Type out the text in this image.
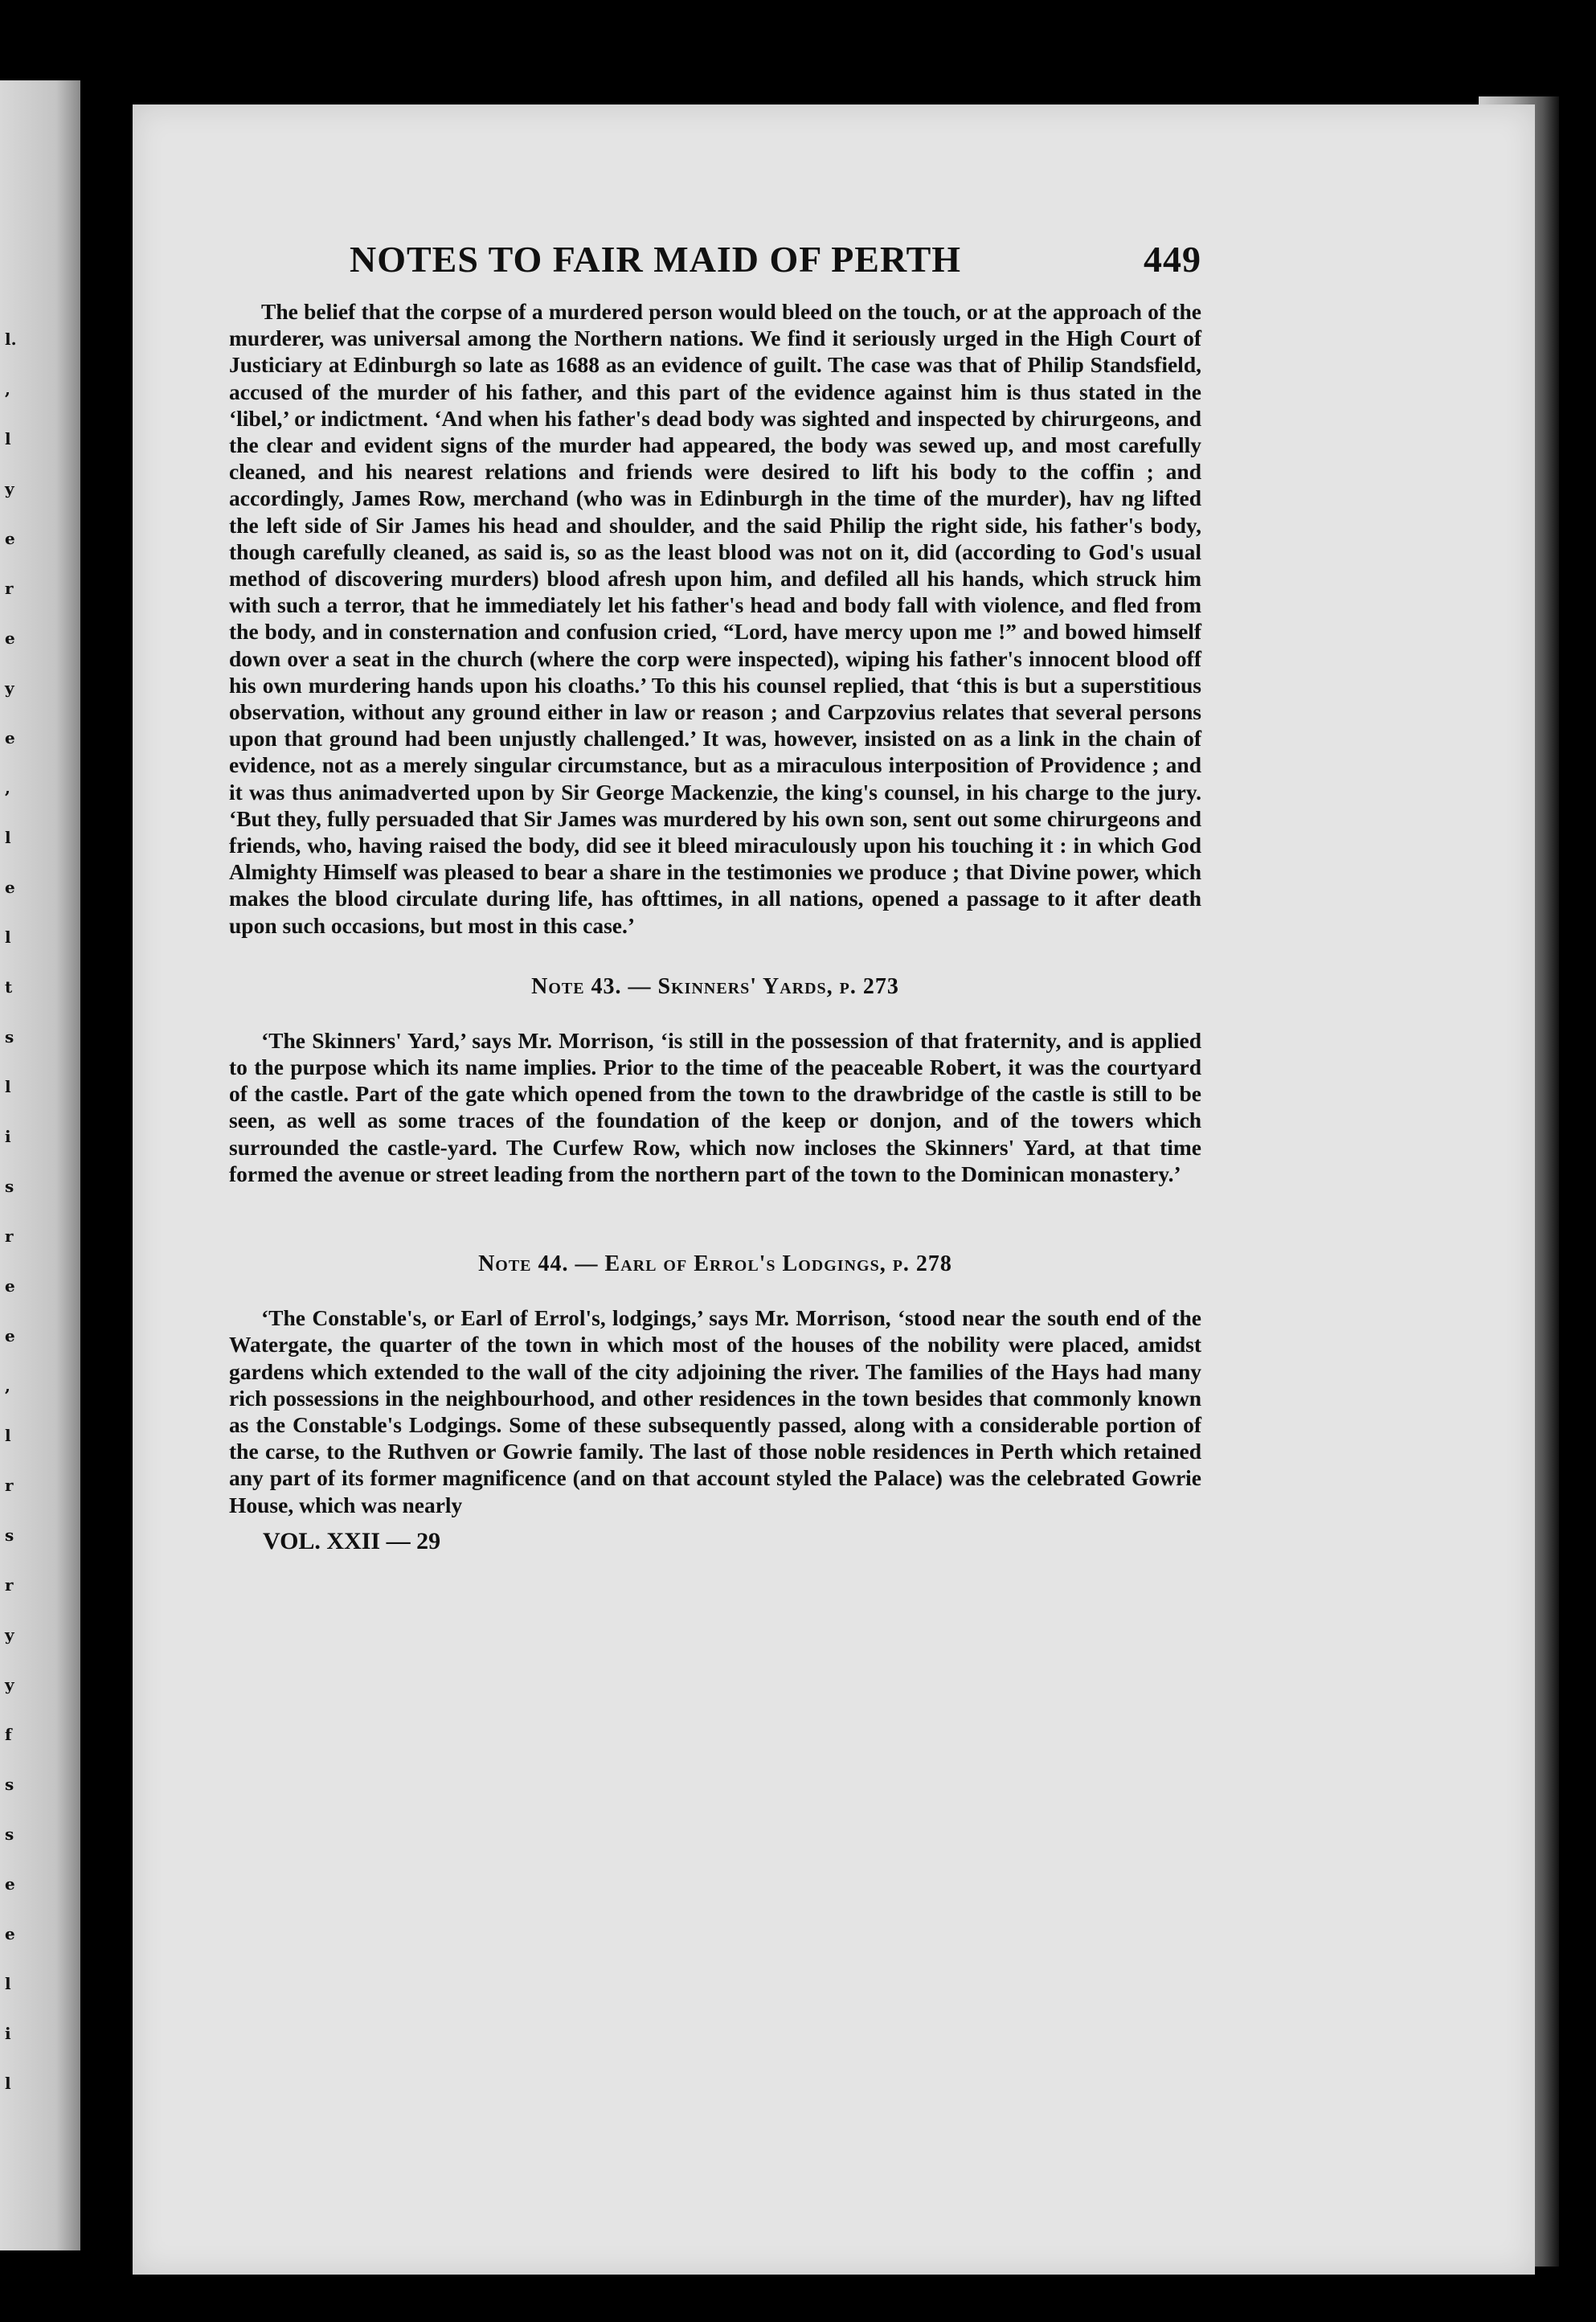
l.
,
l
y
e
r
e
y
e
,
l
e
l
t
s
l
i
s
r
e
e
,
l
r
s
r
y
y
f
s
s
e
e
l
i
l
NOTES TO FAIR MAID OF PERTH	449

The belief that the corpse of a murdered person would bleed on the touch, or at the approach of the murderer, was universal among the Northern nations. We find it seriously urged in the High Court of Justiciary at Edinburgh so late as 1688 as an evidence of guilt. The case was that of Philip Standsfield, accused of the murder of his father, and this part of the evidence against him is thus stated in the ‘libel,’ or indictment. ‘And when his father's dead body was sighted and inspected by chirurgeons, and the clear and evident signs of the murder had appeared, the body was sewed up, and most carefully cleaned, and his nearest relations and friends were desired to lift his body to the coffin ; and accordingly, James Row, merchand (who was in Edinburgh in the time of the murder), hav ng lifted the left side of Sir James his head and shoulder, and the said Philip the right side, his father's body, though carefully cleaned, as said is, so as the least blood was not on it, did (according to God's usual method of discovering murders) blood afresh upon him, and defiled all his hands, which struck him with such a terror, that he immediately let his father's head and body fall with violence, and fled from the body, and in consternation and confusion cried, “Lord, have mercy upon me !” and bowed himself down over a seat in the church (where the corp were inspected), wiping his father's innocent blood off his own murdering hands upon his cloaths.’ To this his counsel replied, that ‘this is but a superstitious observation, without any ground either in law or reason ; and Carpzovius relates that several persons upon that ground had been unjustly challenged.’ It was, however, insisted on as a link in the chain of evidence, not as a merely singular circumstance, but as a miraculous interposition of Providence ; and it was thus animadverted upon by Sir George Mackenzie, the king's counsel, in his charge to the jury. ‘But they, fully persuaded that Sir James was murdered by his own son, sent out some chirurgeons and friends, who, having raised the body, did see it bleed miraculously upon his touching it : in which God Almighty Himself was pleased to bear a share in the testimonies we produce ; that Divine power, which makes the blood circulate during life, has ofttimes, in all nations, opened a passage to it after death upon such occasions, but most in this case.’

Note 43. — Skinners' Yards, p. 273

‘The Skinners' Yard,’ says Mr. Morrison, ‘is still in the possession of that fraternity, and is applied to the purpose which its name implies. Prior to the time of the peaceable Robert, it was the courtyard of the castle. Part of the gate which opened from the town to the drawbridge of the castle is still to be seen, as well as some traces of the foundation of the keep or donjon, and of the towers which surrounded the castle-yard. The Curfew Row, which now incloses the Skinners' Yard, at that time formed the avenue or street leading from the northern part of the town to the Dominican monastery.’

Note 44. — Earl of Errol's Lodgings, p. 278

‘The Constable's, or Earl of Errol's, lodgings,’ says Mr. Morrison, ‘stood near the south end of the Watergate, the quarter of the town in which most of the houses of the nobility were placed, amidst gardens which extended to the wall of the city adjoining the river. The families of the Hays had many rich possessions in the neighbourhood, and other residences in the town besides that commonly known as the Constable's Lodgings. Some of these subsequently passed, along with a considerable portion of the carse, to the Ruthven or Gowrie family. The last of those noble residences in Perth which retained any part of its former magnificence (and on that account styled the Palace) was the celebrated Gowrie House, which was nearly

VOL. XXII — 29
